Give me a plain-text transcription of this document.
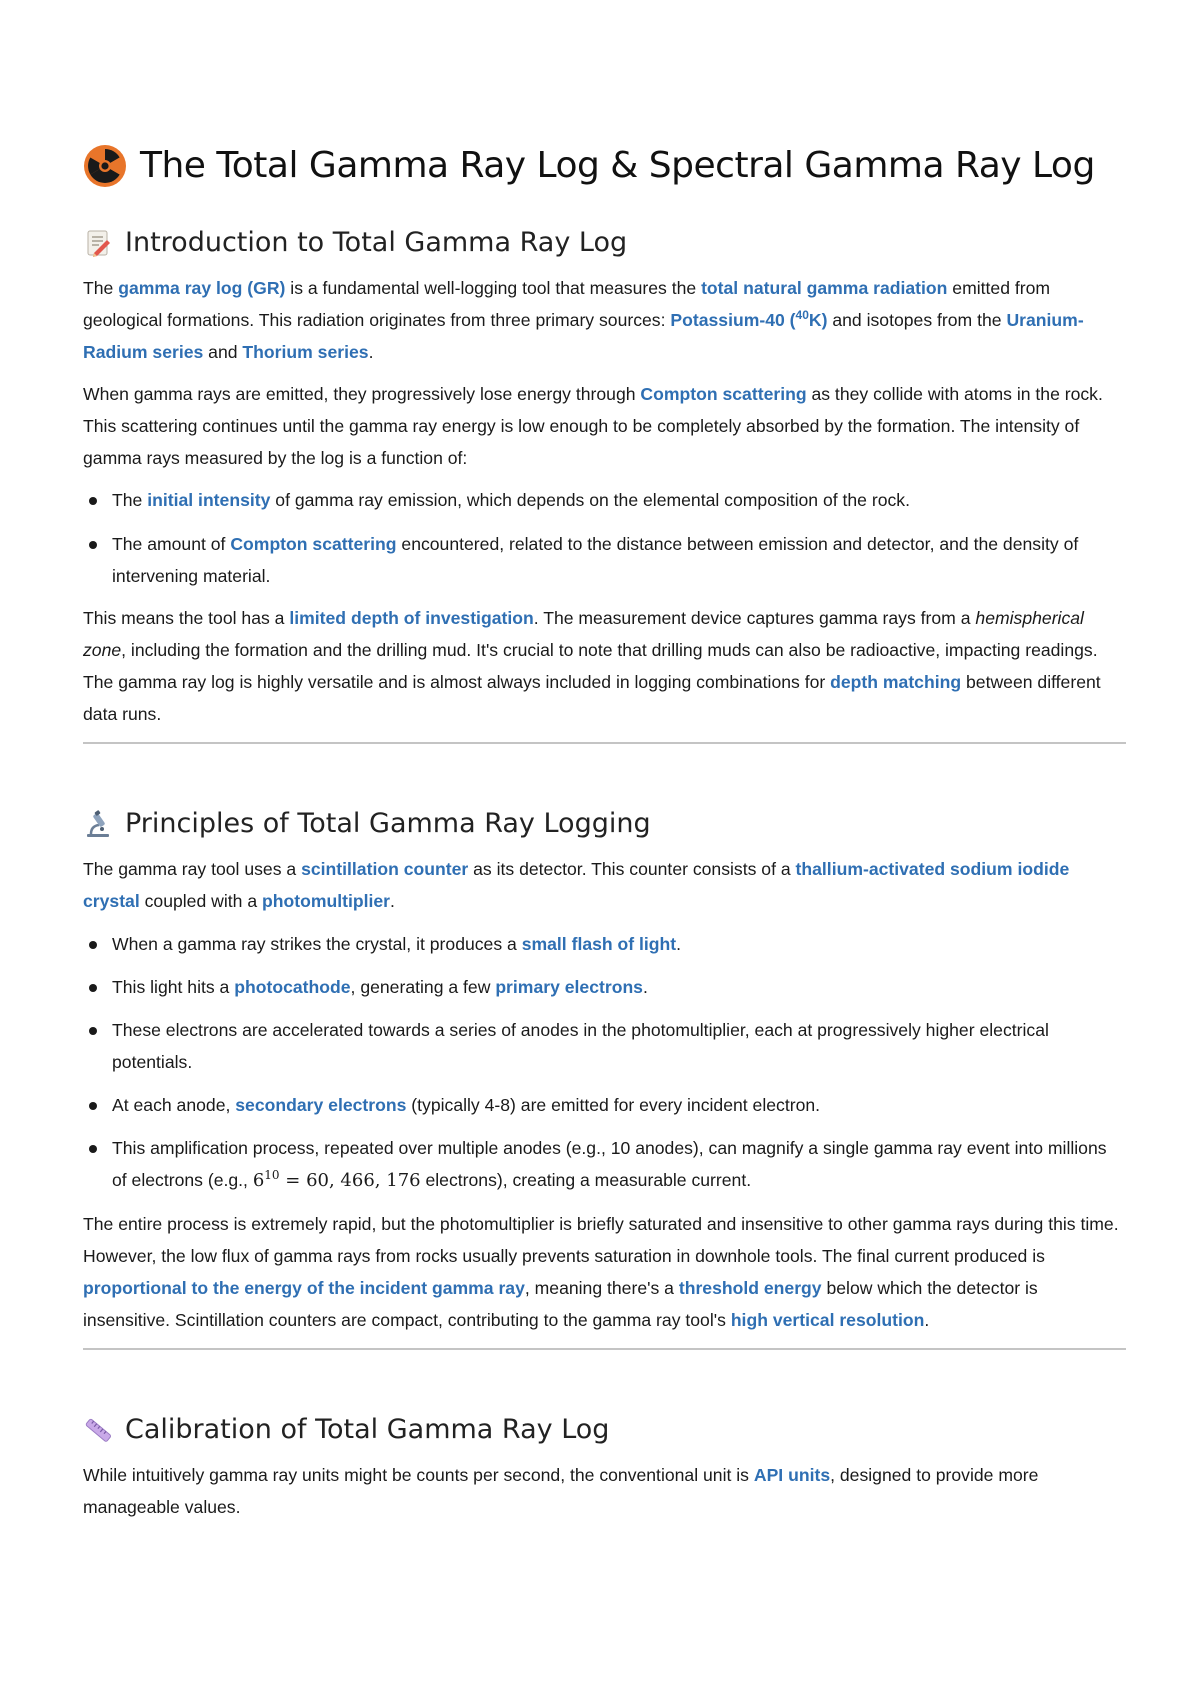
The Total Gamma Ray Log & Spectral Gamma Ray Log
Introduction to Total Gamma Ray Log

The gamma ray log (GR) is a fundamental well-logging tool that measures the total natural gamma radiation emitted from geological formations. This radiation originates from three primary sources: Potassium-40 ($^{40}$K) and isotopes from the Uranium-Radium series and Thorium series.

When gamma rays are emitted, they progressively lose energy through Compton scattering as they collide with atoms in the rock. This scattering continues until the gamma ray energy is low enough to be completely absorbed by the formation. The intensity of gamma rays measured by the log is a function of:

The initial intensity of gamma ray emission, which depends on the elemental composition of the rock.
The amount of Compton scattering encountered, related to the distance between emission and detector, and the density of intervening material.

This means the tool has a limited depth of investigation. The measurement device captures gamma rays from a hemispherical zone, including the formation and the drilling mud. It's crucial to note that drilling muds can also be radioactive, impacting readings. The gamma ray log is highly versatile and is almost always included in logging combinations for depth matching between different data runs.

Principles of Total Gamma Ray Logging

The gamma ray tool uses a scintillation counter as its detector. This counter consists of a thallium-activated sodium iodide crystal coupled with a photomultiplier.

When a gamma ray strikes the crystal, it produces a small flash of light.
This light hits a photocathode, generating a few primary electrons.
These electrons are accelerated towards a series of anodes in the photomultiplier, each at progressively higher electrical potentials.
At each anode, secondary electrons (typically 4-8) are emitted for every incident electron.
This amplification process, repeated over multiple anodes (e.g., 10 anodes), can magnify a single gamma ray event into millions of electrons (e.g., $6^{10} = 60$, 466, 176 electrons), creating a measurable current.

The entire process is extremely rapid, but the photomultiplier is briefly saturated and insensitive to other gamma rays during this time. However, the low flux of gamma rays from rocks usually prevents saturation in downhole tools. The final current produced is proportional to the energy of the incident gamma ray, meaning there's a threshold energy below which the detector is insensitive. Scintillation counters are compact, contributing to the gamma ray tool's high vertical resolution.

Calibration of Total Gamma Ray Log

While intuitively gamma ray units might be counts per second, the conventional unit is API units, designed to provide more manageable values.
